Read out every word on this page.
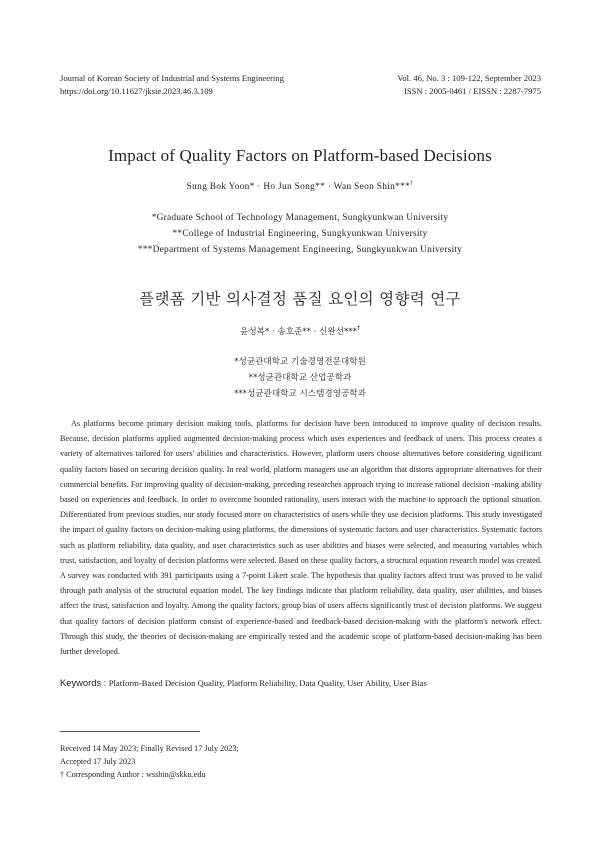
Journal of Korean Society of Industrial and Systems Engineering
https://doi.org/10.11627/jksie.2023.46.3.109
Vol. 46, No. 3 : 109-122, September 2023
ISSN : 2005-0461 / EISSN : 2287-7975
Impact of Quality Factors on Platform-based Decisions
Sung Bok Yoon* · Ho Jun Song** · Wan Seon Shin***†
*Graduate School of Technology Management, Sungkyunkwan University
**College of Industrial Engineering, Sungkyunkwan University
***Department of Systems Management Engineering, Sungkyunkwan University
플랫폼 기반 의사결정 품질 요인의 영향력 연구
윤성복* · 송호준** · 신완선***†
*성균관대학교 기술경영전문대학원
**성균관대학교 산업공학과
***성균관대학교 시스템경영공학과
As platforms become primary decision making tools, platforms for decision have been introduced to improve quality of decision results. Because, decision platforms applied augmented decision-making process which uses experiences and feedback of users. This process creates a variety of alternatives tailored for users' abilities and characteristics. However, platform users choose alternatives before considering significant quality factors based on securing decision quality. In real world, platform managers use an algorithm that distorts appropriate alternatives for their commercial benefits. For improving quality of decision-making, preceding researches approach trying to increase rational decision -making ability based on experiences and feedback. In order to overcome bounded rationality, users interact with the machine to approach the optional situation. Differentiated from previous studies, our study focused more on characteristics of users while they use decision platforms. This study investigated the impact of quality factors on decision-making using platforms, the dimensions of systematic factors and user characteristics. Systematic factors such as platform reliability, data quality, and user characteristics such as user abilities and biases were selected, and measuring variables which trust, satisfaction, and loyalty of decision platforms were selected. Based on these quality factors, a structural equation research model was created. A survey was conducted with 391 participants using a 7-point Likert scale. The hypothesis that quality factors affect trust was proved to be valid through path analysis of the structural equation model. The key findings indicate that platform reliability, data quality, user abilities, and biases affect the trust, satisfaction and loyalty. Among the quality factors, group bias of users affects significantly trust of decision platforms. We suggest that quality factors of decision platform consist of experience-based and feedback-based decision-making with the platform's network effect. Through this study, the theories of decision-making are empirically tested and the academic scope of platform-based decision-making has been further developed.
Keywords : Platform-Based Decision Quality, Platform Reliability, Data Quality, User Ability, User Bias
Received 14 May 2023; Finally Revised 17 July 2023;
Accepted 17 July 2023
† Corresponding Author : wsshin@skku.edu
